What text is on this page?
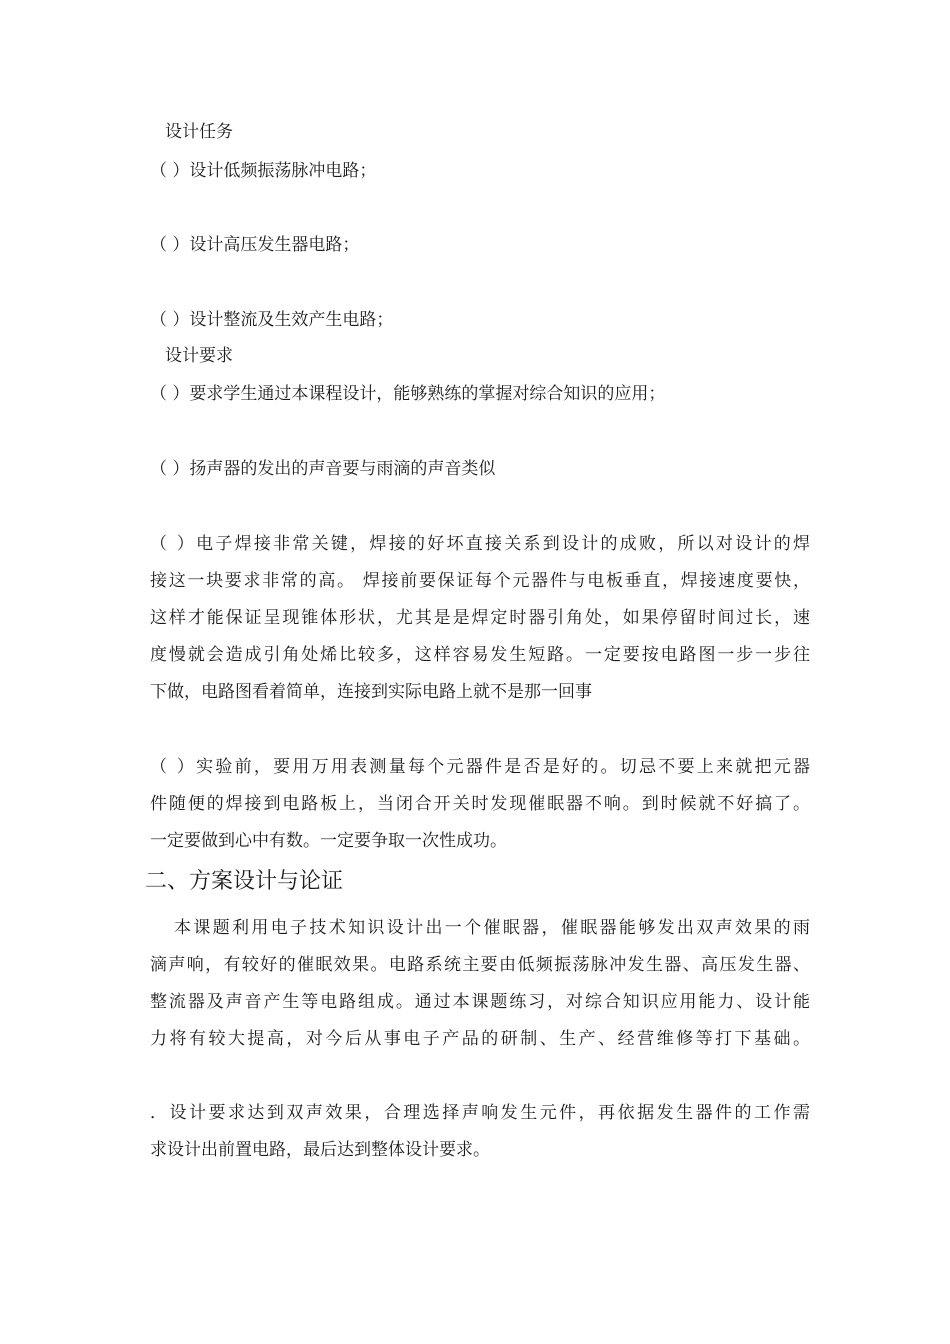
设计任务
（ ）设计低频振荡脉冲电路；
（ ）设计高压发生器电路；
（ ）设计整流及生效产生电路；
设计要求
（ ）要求学生通过本课程设计，能够熟练的掌握对综合知识的应用；
（ ）扬声器的发出的声音要与雨滴的声音类似
（ ）电子焊接非常关键，焊接的好坏直接关系到设计的成败，所以对设计的焊
接这一块要求非常的高。 焊接前要保证每个元器件与电板垂直，焊接速度要快，
这样才能保证呈现锥体形状，尤其是是焊定时器引角处，如果停留时间过长，速
度慢就会造成引角处烯比较多，这样容易发生短路。一定要按电路图一步一步往
下做，电路图看着简单，连接到实际电路上就不是那一回事
（ ）实验前，要用万用表测量每个元器件是否是好的。切忌不要上来就把元器
件随便的焊接到电路板上，当闭合开关时发现催眠器不响。到时候就不好搞了。
一定要做到心中有数。一定要争取一次性成功。
二、方案设计与论证
本课题利用电子技术知识设计出一个催眠器，催眠器能够发出双声效果的雨
滴声响，有较好的催眠效果。电路系统主要由低频振荡脉冲发生器、高压发生器、
整流器及声音产生等电路组成。通过本课题练习，对综合知识应用能力、设计能
力将有较大提高，对今后从事电子产品的研制、生产、经营维修等打下基础。
．设计要求达到双声效果，合理选择声响发生元件，再依据发生器件的工作需
求设计出前置电路，最后达到整体设计要求。
